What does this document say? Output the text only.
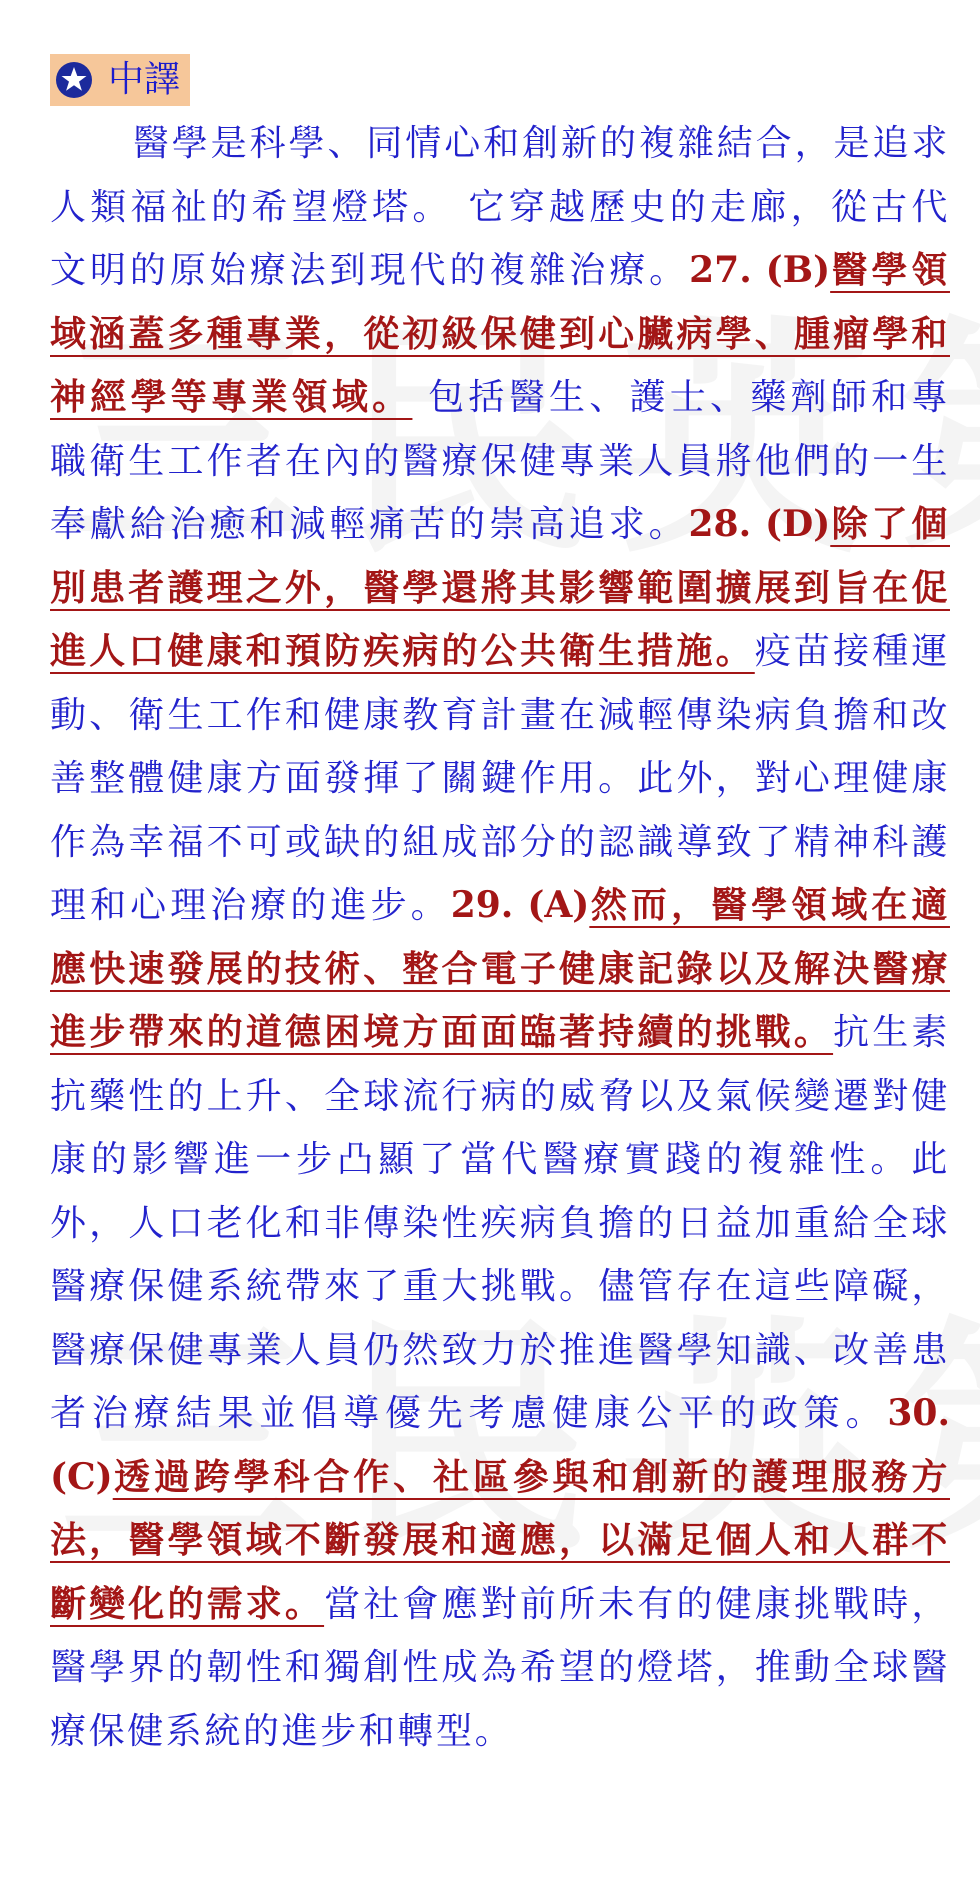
中譯
醫學是科學、同情心和創新的複雜結合，是追求人類福祉的希望燈塔。 它穿越歷史的走廊，從古代文明的原始療法到現代的複雜治療。27. (B)醫學領域涵蓋多種專業，從初級保健到心臟病學、腫瘤學和神經學等專業領域。 包括醫生、護士、藥劑師和專職衛生工作者在內的醫療保健專業人員將他們的一生奉獻給治癒和減輕痛苦的崇高追求。28. (D)除了個別患者護理之外，醫學還將其影響範圍擴展到旨在促進人口健康和預防疾病的公共衛生措施。疫苗接種運動、衛生工作和健康教育計畫在減輕傳染病負擔和改善整體健康方面發揮了關鍵作用。此外，對心理健康作為幸福不可或缺的組成部分的認識導致了精神科護理和心理治療的進步。29. (A)然而，醫學領域在適應快速發展的技術、整合電子健康記錄以及解決醫療進步帶來的道德困境方面面臨著持續的挑戰。抗生素抗藥性的上升、全球流行病的威脅以及氣候變遷對健康的影響進一步凸顯了當代醫療實踐的複雜性。此外，人口老化和非傳染性疾病負擔的日益加重給全球醫療保健系統帶來了重大挑戰。儘管存在這些障礙，醫療保健專業人員仍然致力於推進醫學知識、改善患者治療結果並倡導優先考慮健康公平的政策。30. (C)透過跨學科合作、社區參與和創新的護理服務方法，醫學領域不斷發展和適應，以滿足個人和人群不斷變化的需求。當社會應對前所未有的健康挑戰時，醫學界的韌性和獨創性成為希望的燈塔，推動全球醫療保健系統的進步和轉型。
